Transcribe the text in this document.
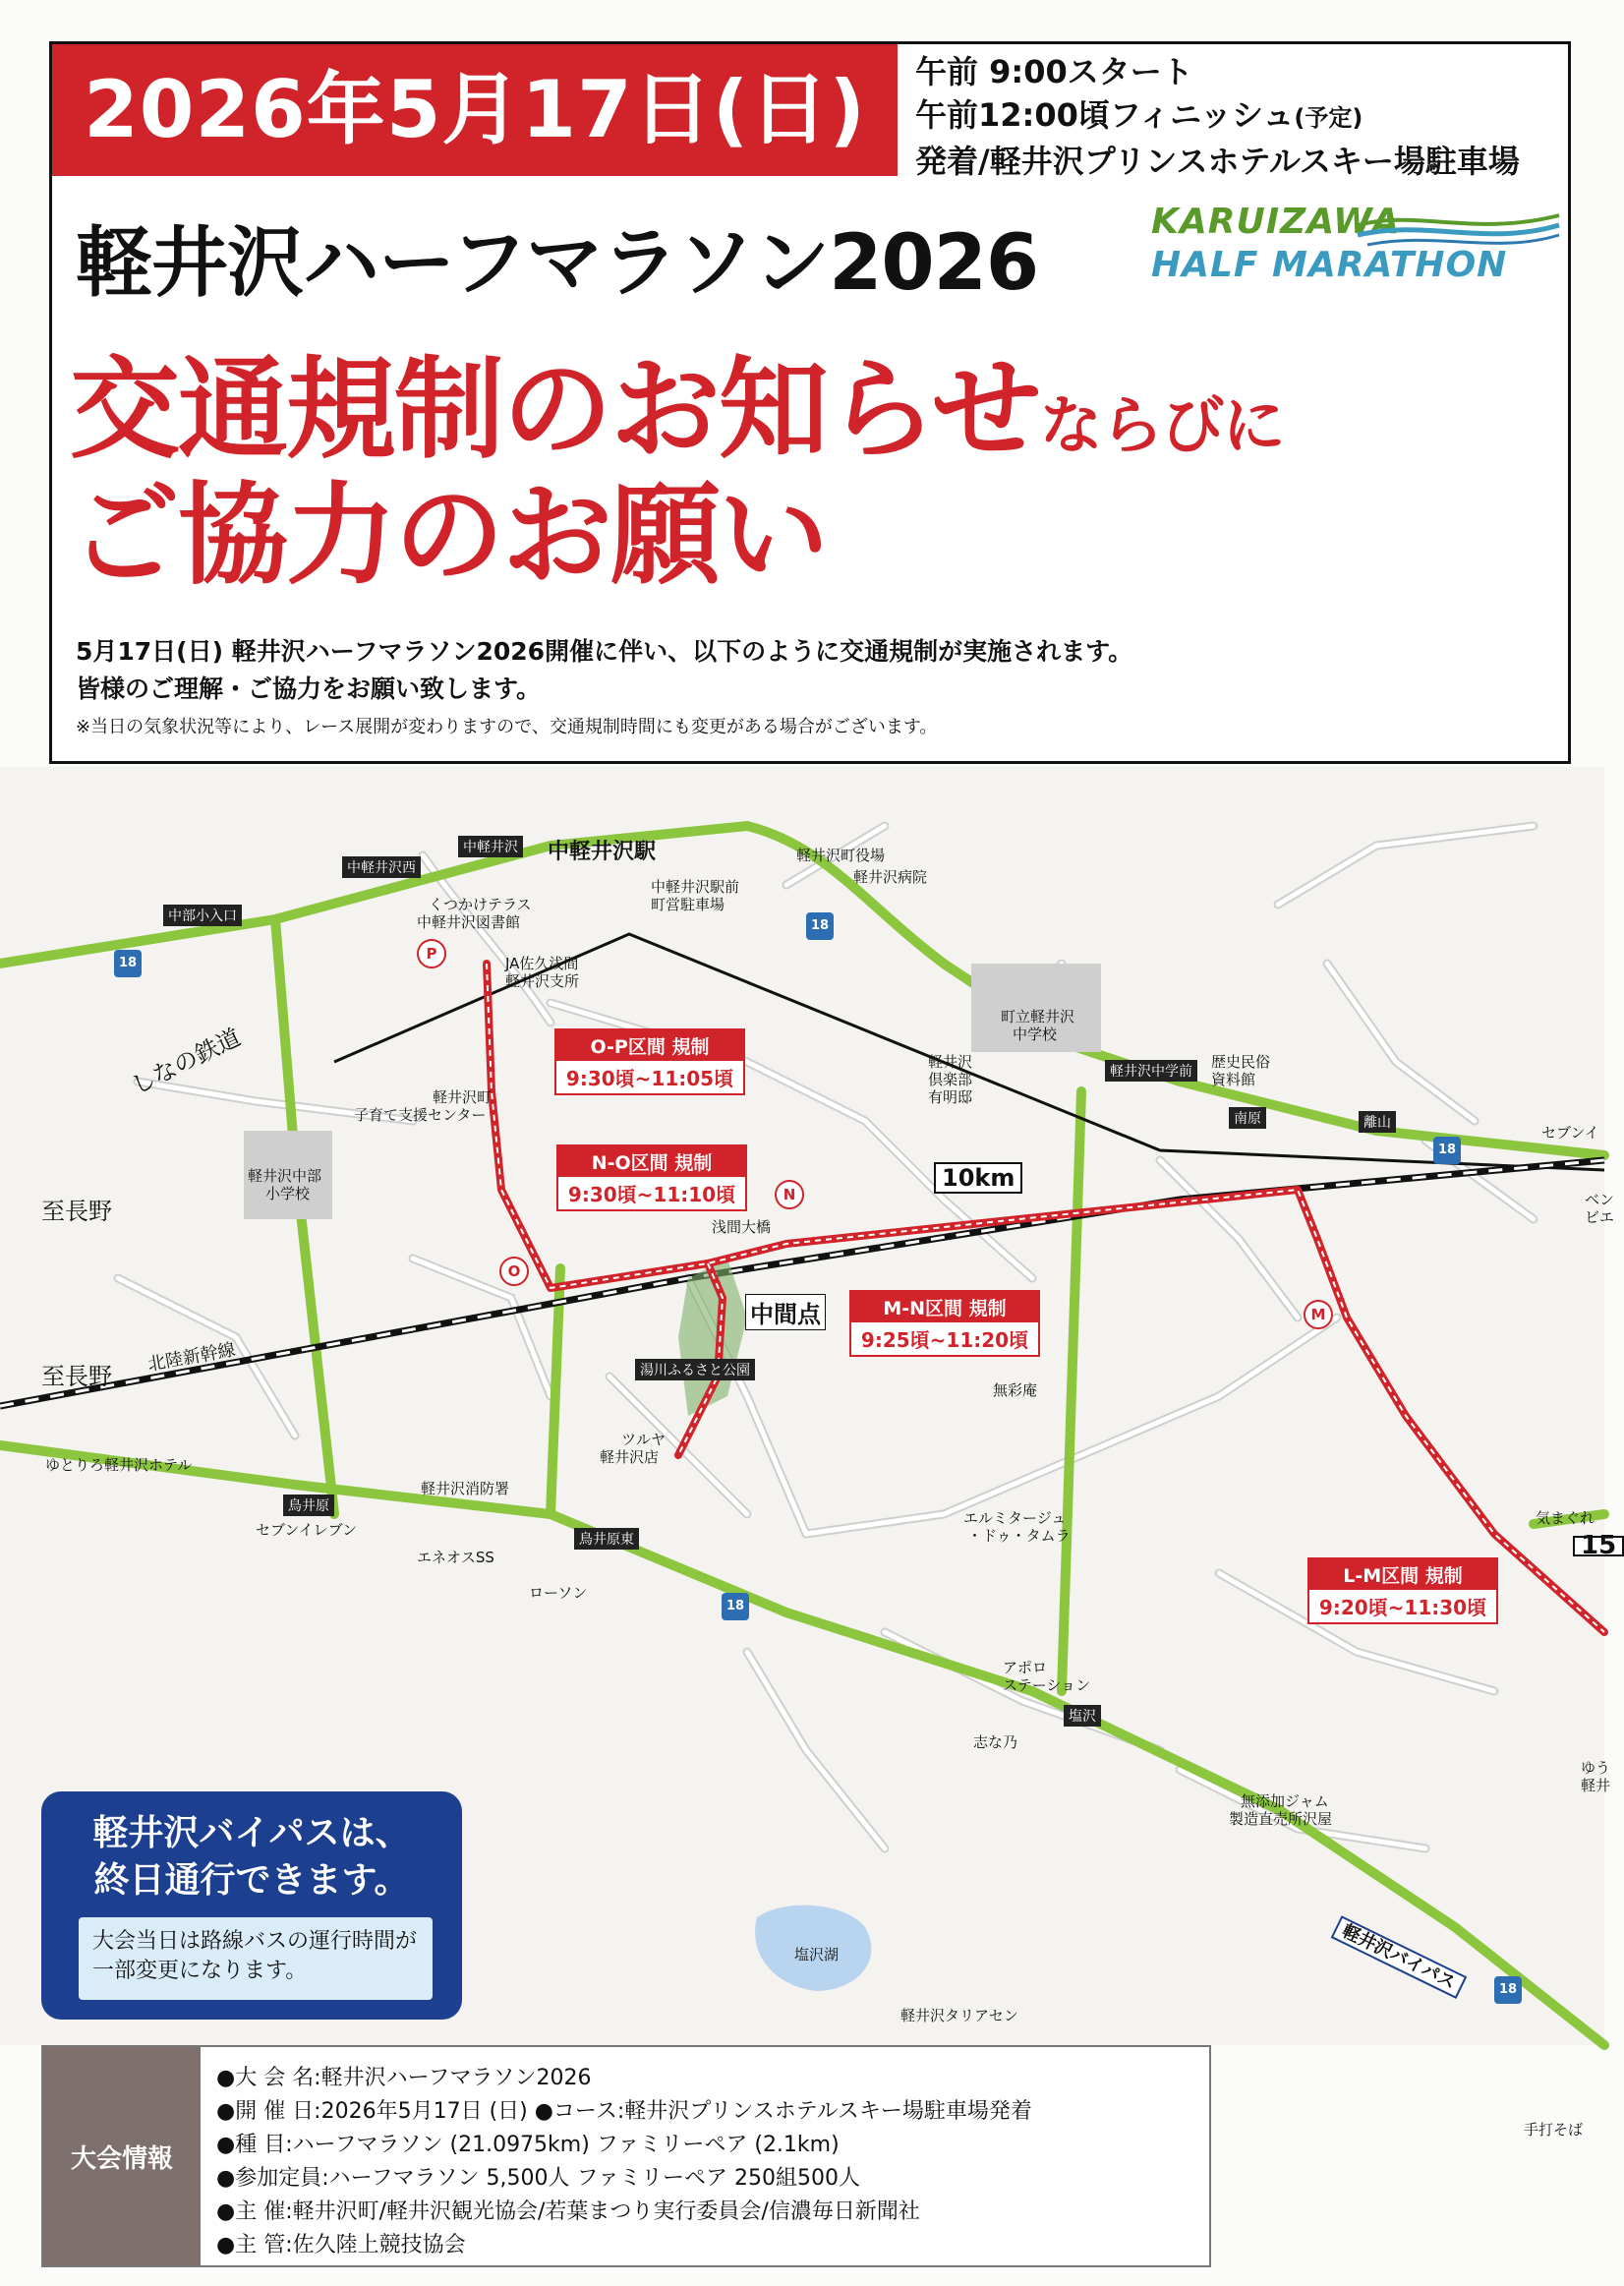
2026年5月17日(日)	午前 9:00スタート
午前12:00頃フィニッシュ(予定)
発着/軽井沢プリンスホテルスキー場駐車場
軽井沢ハーフマラソン2026	KARUIZAWA
HALF MARATHON
交通規制のお知らせならびに
ご協力のお願い
5月17日(日) 軽井沢ハーフマラソン2026開催に伴い、以下のように交通規制が実施されます。
皆様のご理解・ご協力をお願い致します。
※当日の気象状況等により、レース展開が変わりますので、交通規制時間にも変更がある場合がございます。
18
18
18
18
18
15
中軽井沢駅
中軽井沢
中軽井沢西
中部小入口
くつかけテラス
中軽井沢図書館
中軽井沢駅前
町営駐車場
軽井沢町役場
軽井沢病院
JA佐久浅間
軽井沢支所
町立軽井沢
中学校
軽井沢中学前
軽井沢
倶楽部
有明邸
歴史民俗
資料館
南原	離山
セブンイ
ベン
ビエ
軽井沢町
子育て支援センター
軽井沢中部
小学校
至長野
至長野
しなの鉄道
北陸新幹線
浅間大橋
中間点
10km
湯川ふるさと公園
ツルヤ
軽井沢店
無彩庵
ゆとりろ軽井沢ホテル
鳥井原
セブンイレブン
軽井沢消防署
鳥井原東
エネオスSS
ローソン
エルミタージュ
・ドゥ・タムラ
アポロ
ステーション
塩沢
志な乃
無添加ジャム
製造直売所沢屋
ゆう
軽井
塩沢湖
軽井沢タリアセン
軽井沢バイパス
気まぐれ
手打そば
P
O
N
M
O-P区間 規制
9:30頃~11:05頃
N-O区間 規制
9:30頃~11:10頃
M-N区間 規制
9:25頃~11:20頃
L-M区間 規制
9:20頃~11:30頃
軽井沢バイパスは、
終日通行できます。
大会当日は路線バスの運行時間が一部変更になります。
大会情報
●大 会 名:軽井沢ハーフマラソン2026
●開 催 日:2026年5月17日 (日) ●コース:軽井沢プリンスホテルスキー場駐車場発着
●種 目:ハーフマラソン (21.0975km) ファミリーペア (2.1km)
●参加定員:ハーフマラソン 5,500人 ファミリーペア 250組500人
●主 催:軽井沢町/軽井沢観光協会/若葉まつり実行委員会/信濃毎日新聞社
●主 管:佐久陸上競技協会
